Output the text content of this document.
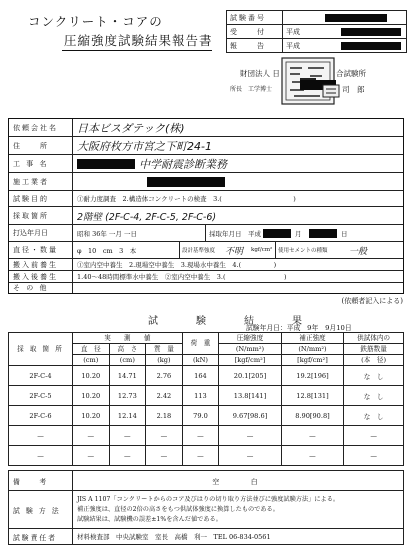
コンクリート・コアの
圧縮強度試験結果報告書
試験番号	

受　　付	平成

報　　告	平成
財団法人 日	合試験所
所長　工学博士	司　郎
依頼会社名	日本ビスダテック(株)
住　　所	大阪府枚方市宮之下町24-1
工 事 名	中学耐震診断業務
施工業者
試験目的	①耐力度調査　2.構造体コンクリートの検査　3.(　　　　　　　　　　　)
採取箇所	2階壁 (2F-C-4, 2F-C-5, 2F-C-6)
打込年月日	昭和 36年 一月 一日	採取年月日　平成	月	日
直径・数量	φ　10　cm　3　本	設計基準強度 不明 kgf/cm² 使用セメントの種類 一般
搬入前養生	①室内空中養生　2.現場空中養生　3.現場水中養生　4.(　　　　　)
搬入後養生	1.40～48時間標準水中養生　②室内空中養生　3.(　　　　　　　　　)
そ の 他
(依頼者記入による)
試　験　結　果
試験年月日：平成　9年　9月10日
採 取 箇 所	実　　測　　値			荷　重	圧縮強度	補正強度	供試体内の
	直　径	高　さ	質　量		(N/mm²)	(N/mm²)	鉄筋数量
	(cm)	(cm)	(kg)	(kN)	[kgf/cm²]	[kgf/cm²]	(本　径)
2F-C-4	10.20	14.71	2.76	164	20.1[205]	19.2[196]	な　し
2F-C-5	10.20	12.73	2.42	113	13.8[141]	12.8[131]	な　し
2F-C-6	10.20	12.14	2.18	79.0	9.67[98.6]	8.90[90.8]	な　し
—	—	—	—	—	—	—	—
—	—	—	—	—	—	—	—
備　　考	空　　白
試 験 方 法	JIS A 1107「コンクリートからのコア及びはりの切り取り方法並びに強度試験方法」による。
補正強度は、直径の2倍の高さをもつ供試体強度に換算したものである。
試験結果は、試験機の誤差±1%を含んだ値である。

試験責任者	材料検査部　中央試験室　室長　高橋　利一　TEL 06-834-0561
